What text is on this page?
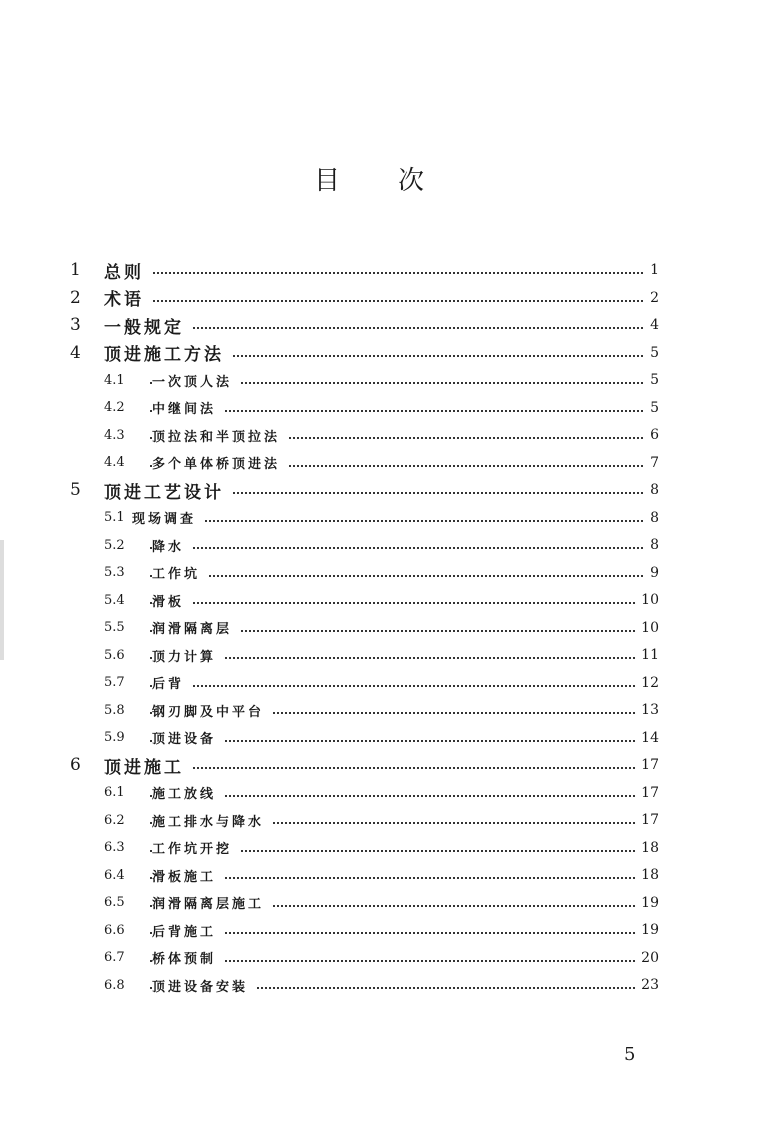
目 次
1 总则	1
2 术语	2
3 一般规定	4
4 顶进施工方法	5
4.1 一次顶人法	5
4.2 中继间法	5
4.3 顶拉法和半顶拉法	6
4.4 多个单体桥顶进法	7
5 顶进工艺设计	8
5.1 现场调查	8
5.2 降水	8
5.3 工作坑	9
5.4 滑板	10
5.5 润滑隔离层	10
5.6 顶力计算	11
5.7 后背	12
5.8 钢刃脚及中平台	13
5.9 顶进设备	14
6 顶进施工	17
6.1 施工放线	17
6.2 施工排水与降水	17
6.3 工作坑开挖	18
6.4 滑板施工	18
6.5 润滑隔离层施工	19
6.6 后背施工	19
6.7 桥体预制	20
6.8 顶进设备安装	23
5
